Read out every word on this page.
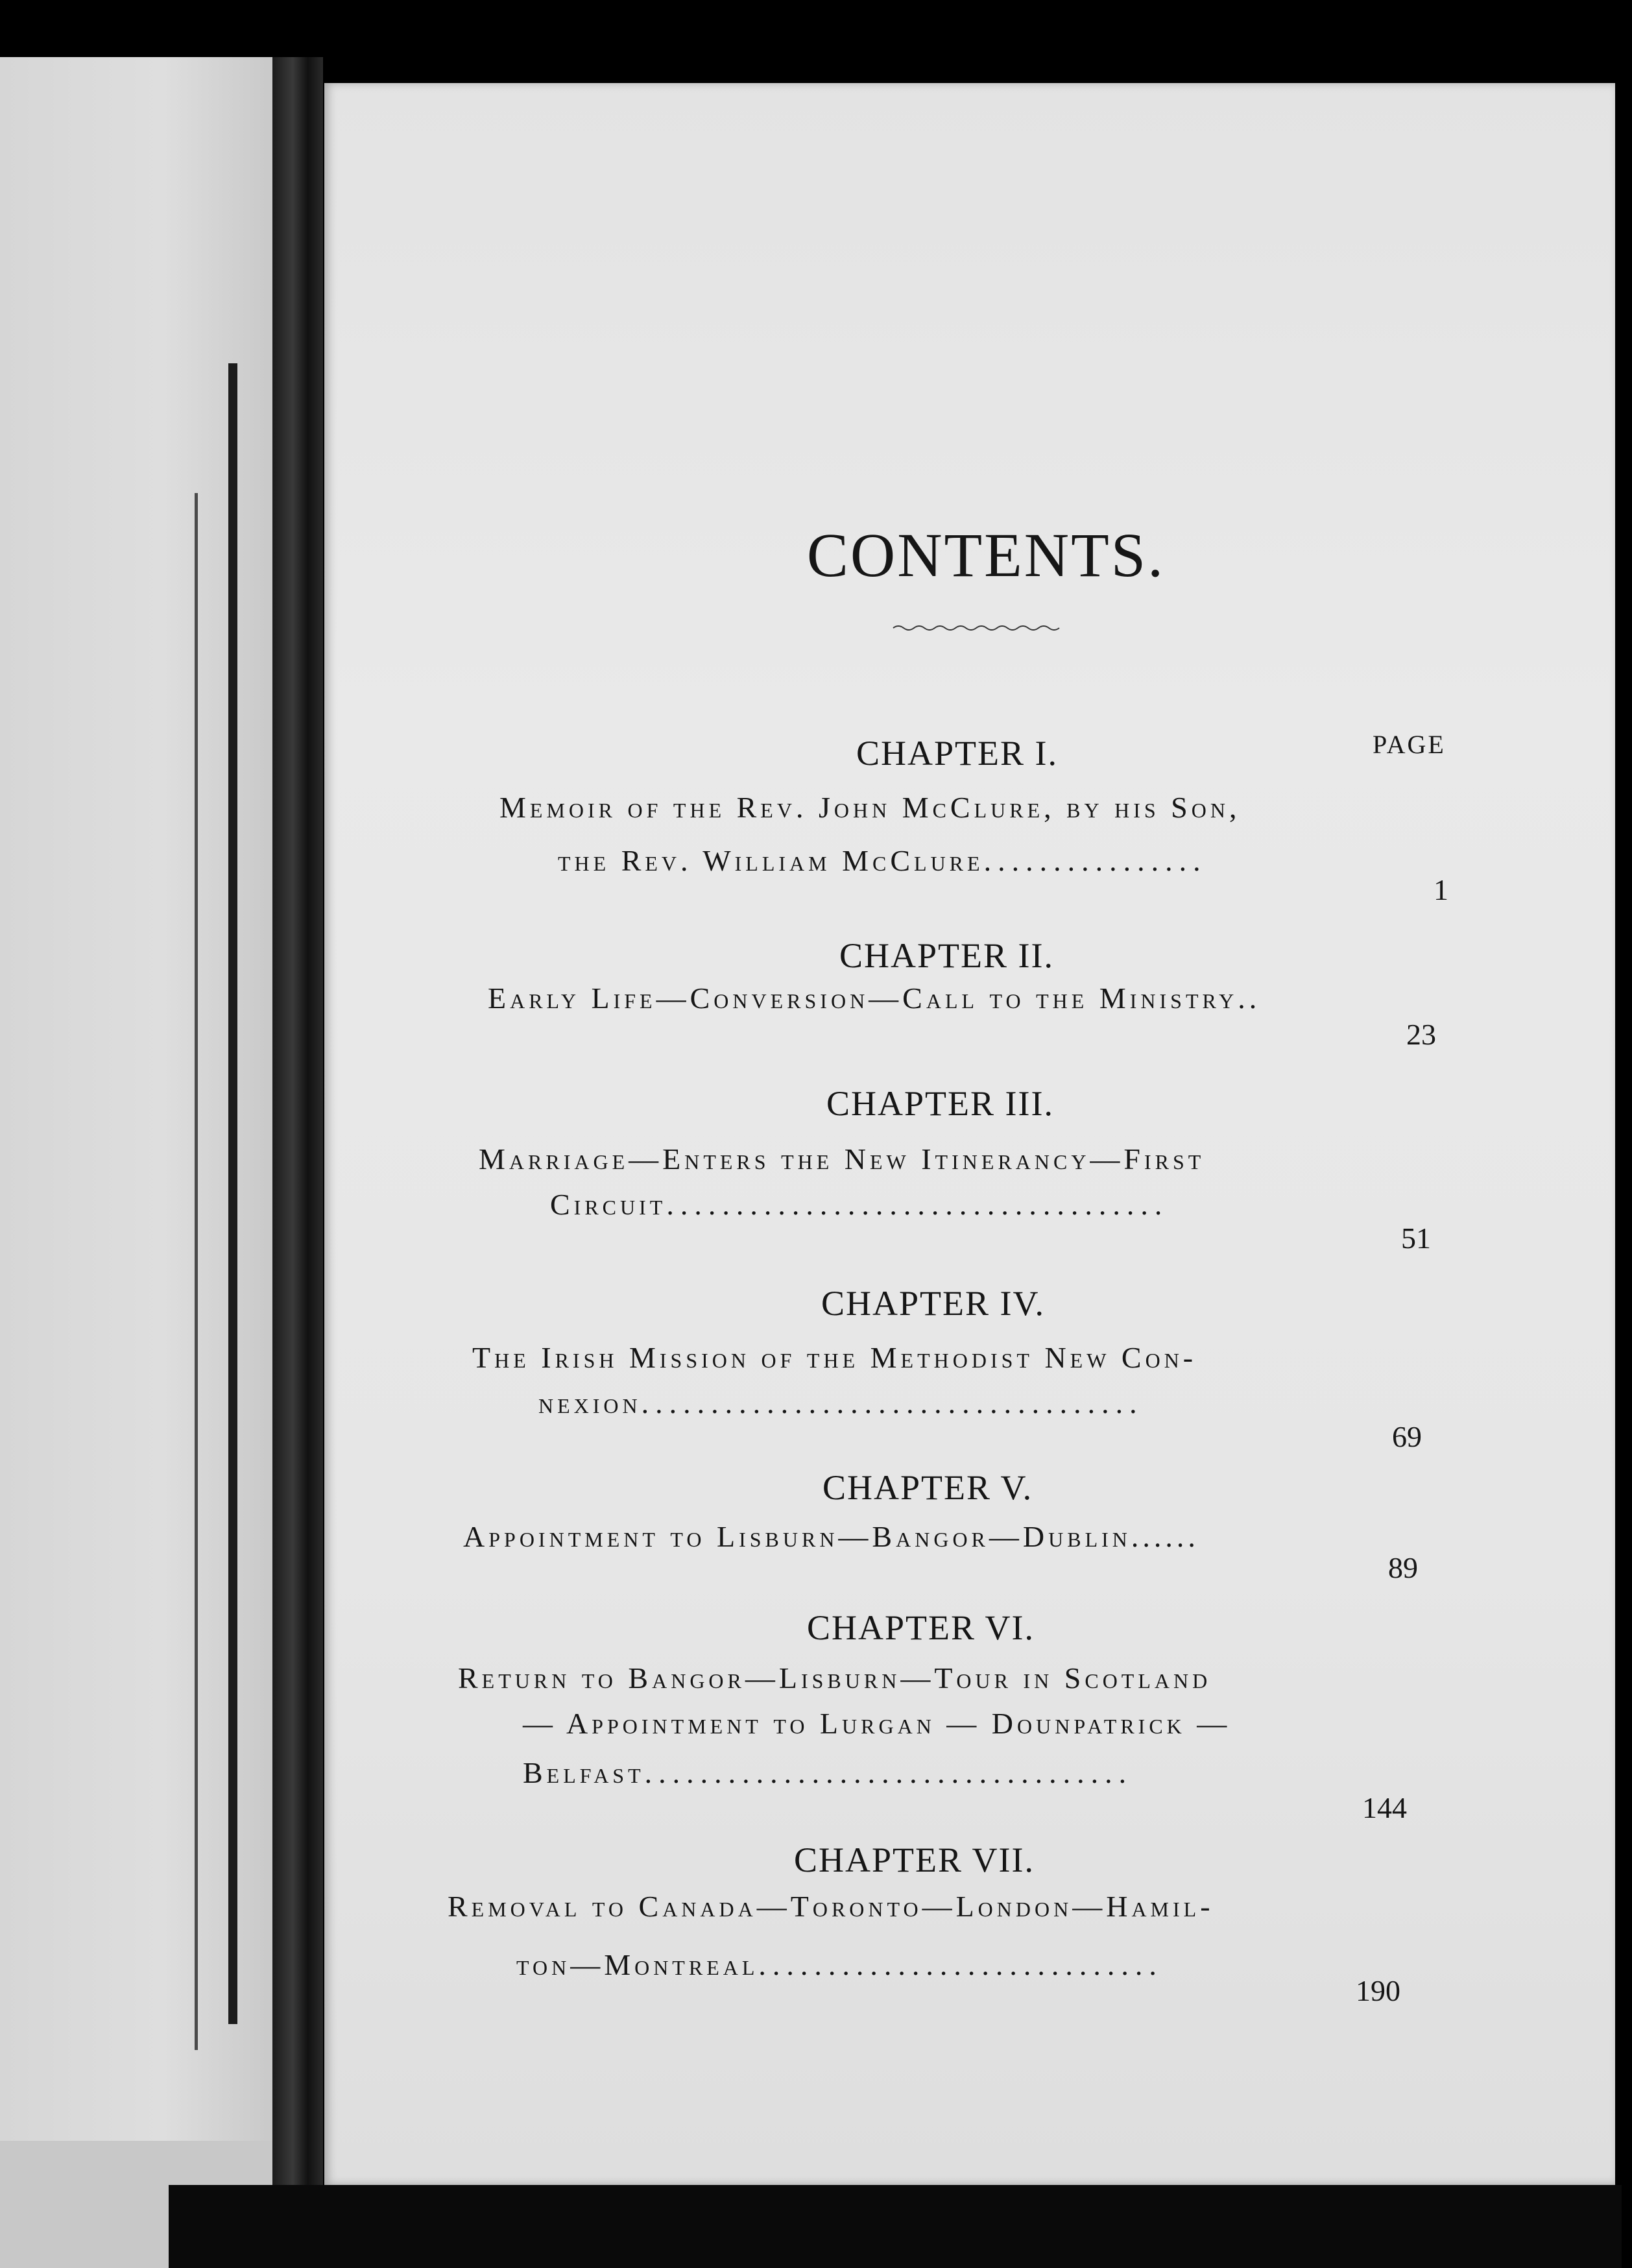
CONTENTS.
PAGE
CHAPTER I.
Memoir of the Rev. John McClure, by his Son,
the Rev. William McClure................
1
CHAPTER II.
Early Life—Conversion—Call to the Ministry..
23
CHAPTER III.
Marriage—Enters the New Itinerancy—First
Circuit....................................
51
CHAPTER IV.
The Irish Mission of the Methodist New Con-
nexion....................................
69
CHAPTER V.
Appointment to Lisburn—Bangor—Dublin......
89
CHAPTER VI.
Return to Bangor—Lisburn—Tour in Scotland
— Appointment to Lurgan — Dounpatrick —
Belfast...................................
144
CHAPTER VII.
Removal to Canada—Toronto—London—Hamil-
ton—Montreal.............................
190
